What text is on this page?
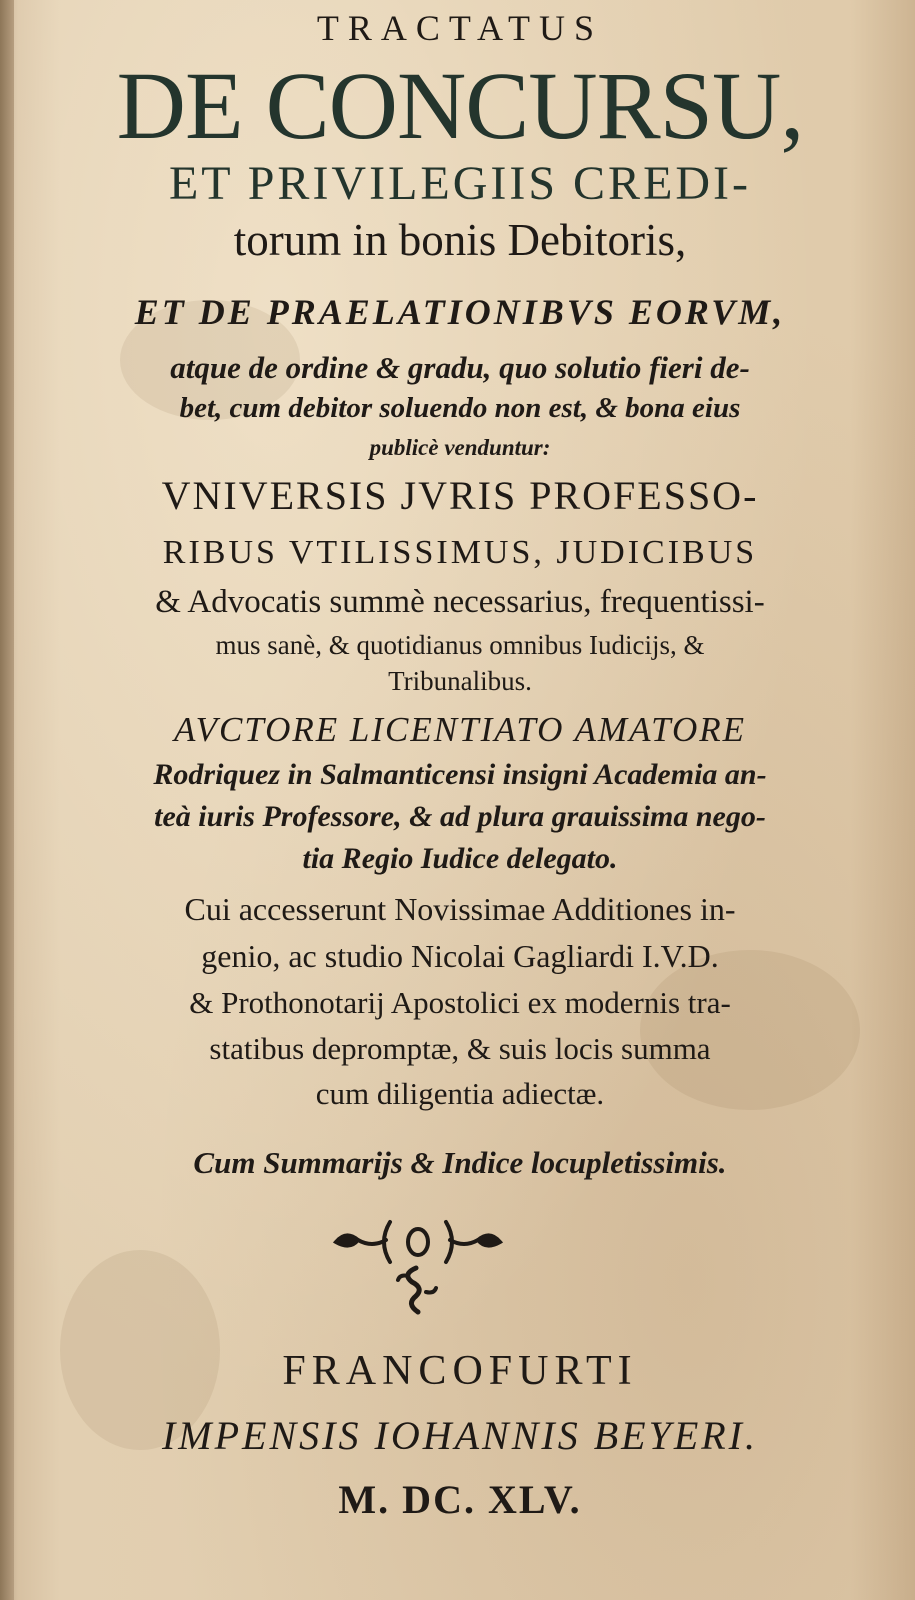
TRACTATUS

DE CONCURSU,

ET PRIVILEGIIS CREDI-

torum in bonis Debitoris,

ET DE PRAELATIONIBVS EORVM,

atque de ordine & gradu, quo solutio fieri de-

bet, cum debitor soluendo non est, & bona eius

publicè venduntur:

VNIVERSIS JVRIS PROFESSO-

RIBUS VTILISSIMUS, JUDICIBUS

& Advocatis summè necessarius, frequentissi-

mus sanè, & quotidianus omnibus Iudicijs, &

Tribunalibus.

AVCTORE LICENTIATO AMATORE

Rodriquez in Salmanticensi insigni Academia an-

teà iuris Professore, & ad plura grauissima nego-

tia Regio Iudice delegato.

Cui accesserunt Novissimae Additiones in-

genio, ac studio Nicolai Gagliardi I.V.D.

& Prothonotarij Apostolici ex modernis tra-

statibus depromptæ, & suis locis summa

cum diligentia adiectæ.

Cum Summarijs & Indice locupletissimis.

FRANCOFURTI

IMPENSIS IOHANNIS BEYERI.

M. DC. XLV.
